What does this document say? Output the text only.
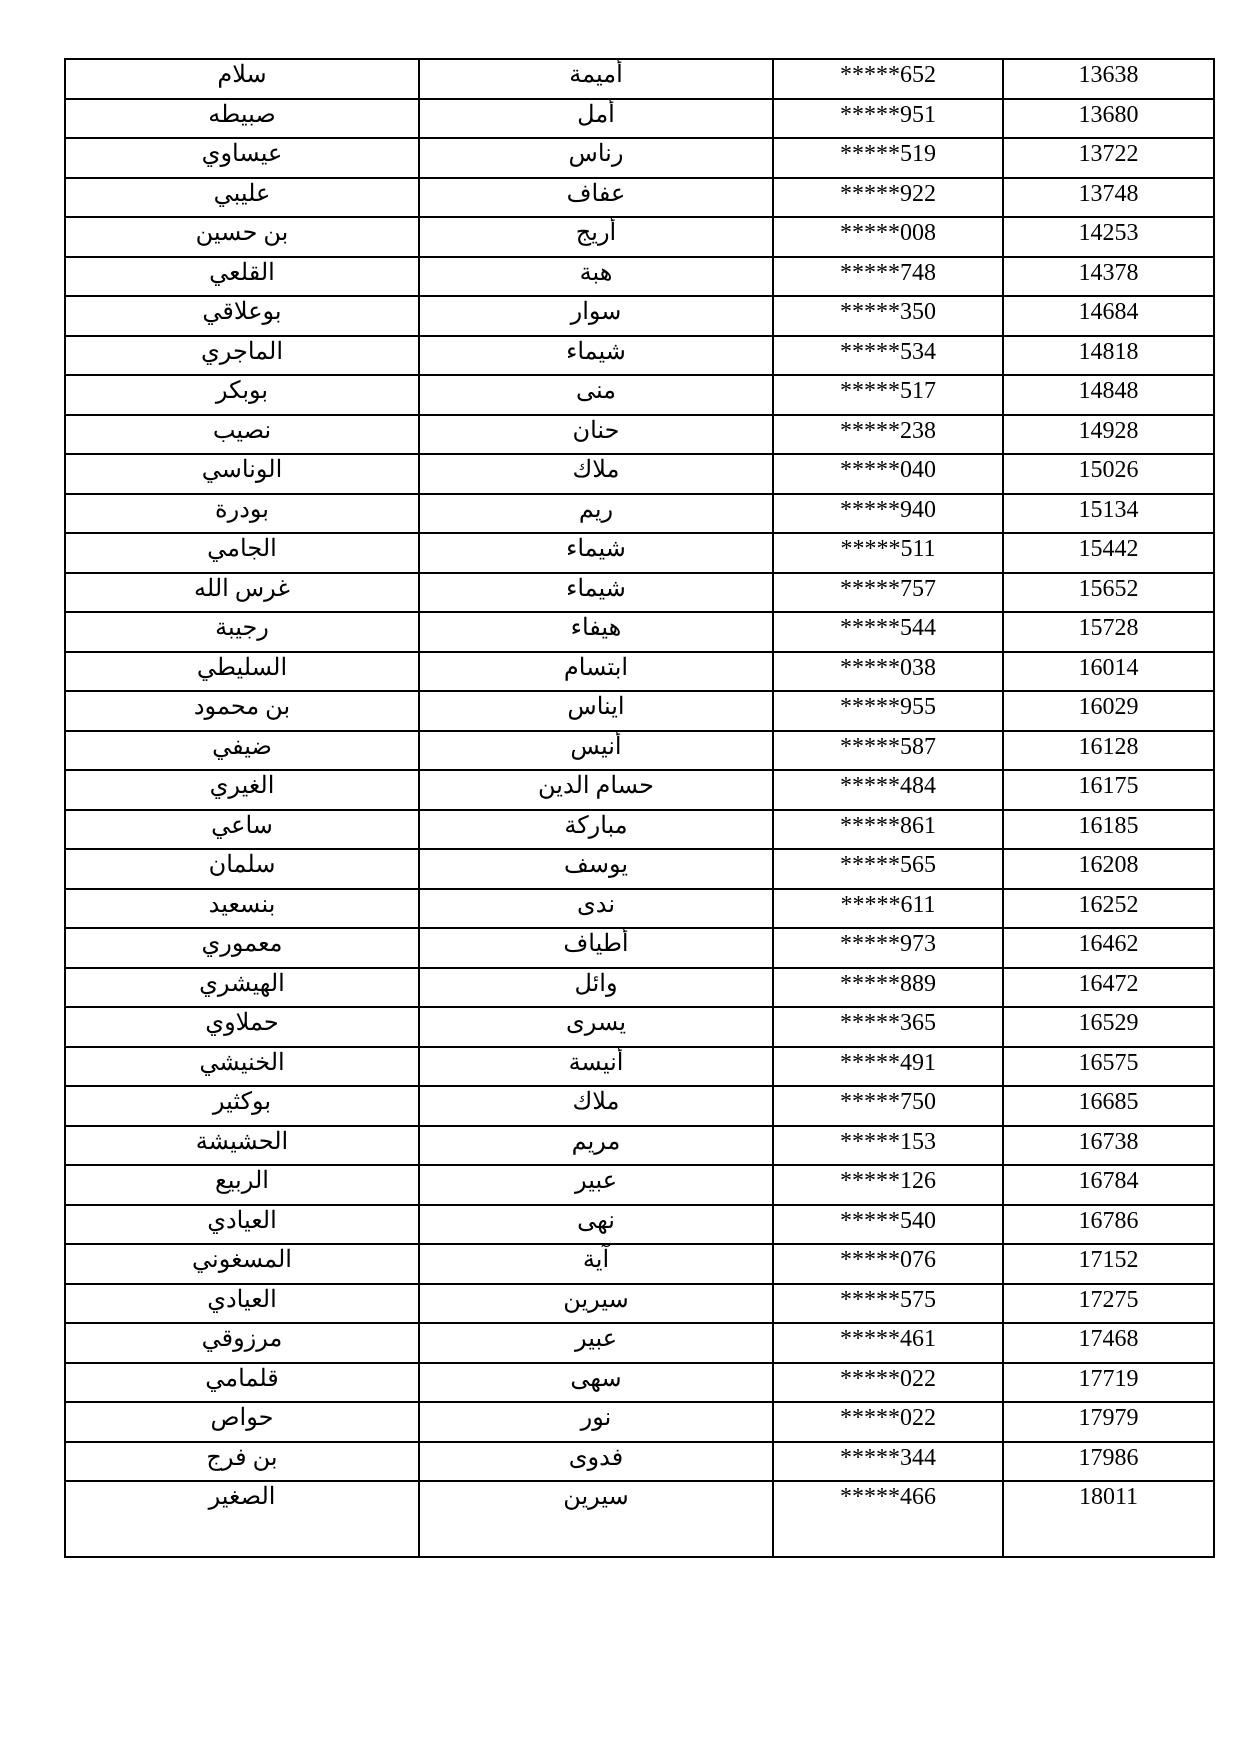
سلام	أميمة	*****652	13638
صبيطه	أمل	*****951	13680
عيساوي	رناس	*****519	13722
عليبي	عفاف	*****922	13748
بن حسين	أريج	*****008	14253
القلعي	هبة	*****748	14378
بوعلاقي	سوار	*****350	14684
الماجري	شيماء	*****534	14818
بوبكر	منى	*****517	14848
نصيب	حنان	*****238	14928
الوناسي	ملاك	*****040	15026
بودرة	ريم	*****940	15134
الجامي	شيماء	*****511	15442
غرس الله	شيماء	*****757	15652
رجيبة	هيفاء	*****544	15728
السليطي	ابتسام	*****038	16014
بن محمود	ايناس	*****955	16029
ضيفي	أنيس	*****587	16128
الغيري	حسام الدين	*****484	16175
ساعي	مباركة	*****861	16185
سلمان	يوسف	*****565	16208
بنسعيد	ندى	*****611	16252
معموري	أطياف	*****973	16462
الهيشري	وائل	*****889	16472
حملاوي	يسرى	*****365	16529
الخنيشي	أنيسة	*****491	16575
بوكثير	ملاك	*****750	16685
الحشيشة	مريم	*****153	16738
الربيع	عبير	*****126	16784
العيادي	نهى	*****540	16786
المسغوني	آية	*****076	17152
العيادي	سيرين	*****575	17275
مرزوقي	عبير	*****461	17468
قلمامي	سهى	*****022	17719
حواص	نور	*****022	17979
بن فرج	فدوى	*****344	17986
الصغير	سيرين	*****466	18011
